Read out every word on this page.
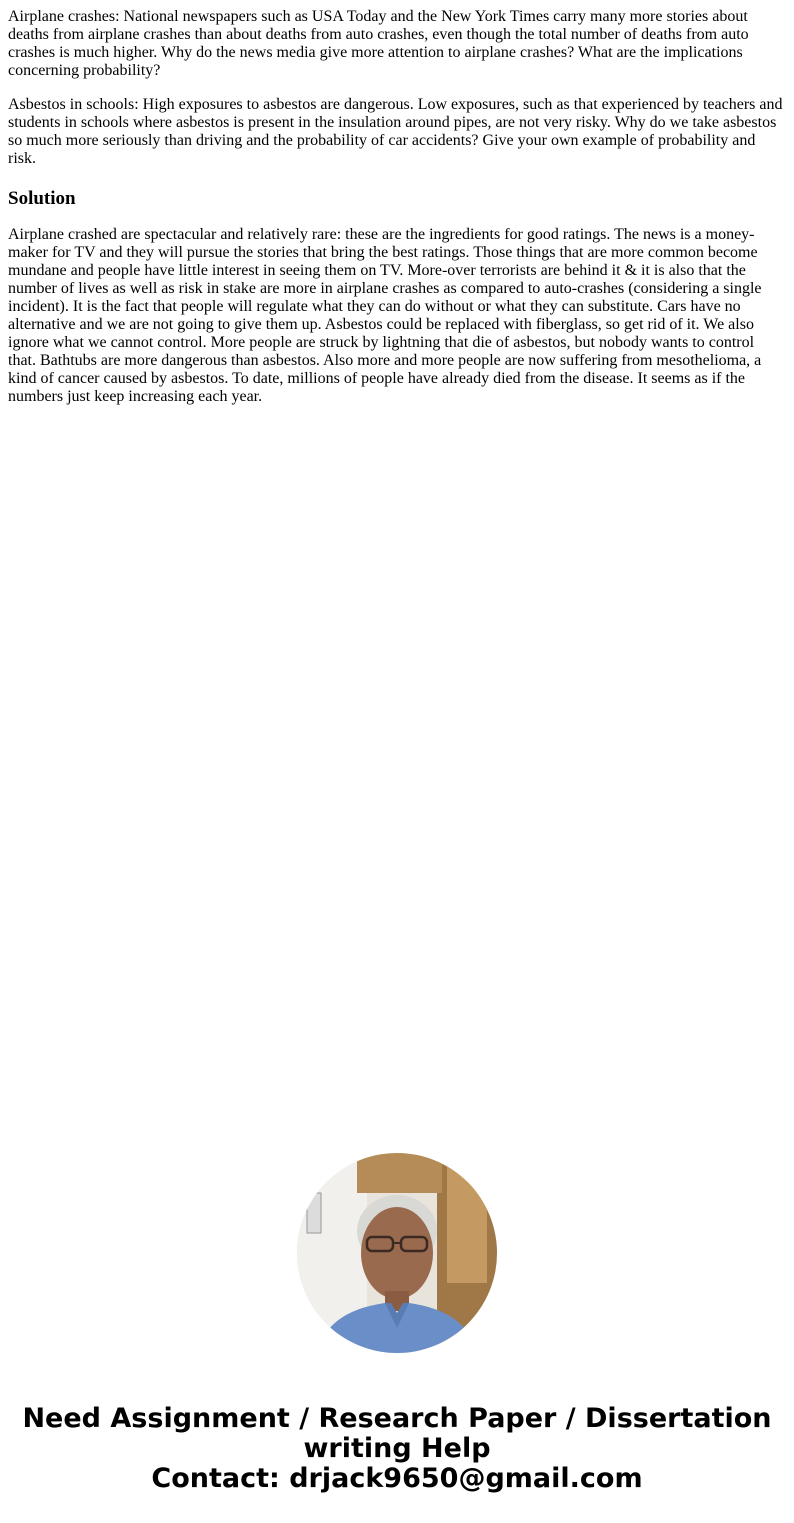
Airplane crashes: National newspapers such as USA Today and the New York Times carry many more stories about deaths from airplane crashes than about deaths from auto crashes, even though the total number of deaths from auto crashes is much higher. Why do the news media give more attention to airplane crashes? What are the implications concerning probability?

Asbestos in schools: High exposures to asbestos are dangerous. Low exposures, such as that experienced by teachers and students in schools where asbestos is present in the insulation around pipes, are not very risky. Why do we take asbestos so much more seriously than driving and the probability of car accidents? Give your own example of probability and risk.

Solution

Airplane crashed are spectacular and relatively rare: these are the ingredients for good ratings. The news is a money-maker for TV and they will pursue the stories that bring the best ratings. Those things that are more common become mundane and people have little interest in seeing them on TV. More-over terrorists are behind it & it is also that the number of lives as well as risk in stake are more in airplane crashes as compared to auto-crashes (considering a single incident). It is the fact that people will regulate what they can do without or what they can substitute. Cars have no alternative and we are not going to give them up. Asbestos could be replaced with fiberglass, so get rid of it. We also ignore what we cannot control. More people are struck by lightning that die of asbestos, but nobody wants to control that. Bathtubs are more dangerous than asbestos. Also more and more people are now suffering from mesothelioma, a kind of cancer caused by asbestos. To date, millions of people have already died from the disease. It seems as if the numbers just keep increasing each year.

Need Assignment / Research Paper / Dissertation
writing Help
Contact: drjack9650@gmail.com
